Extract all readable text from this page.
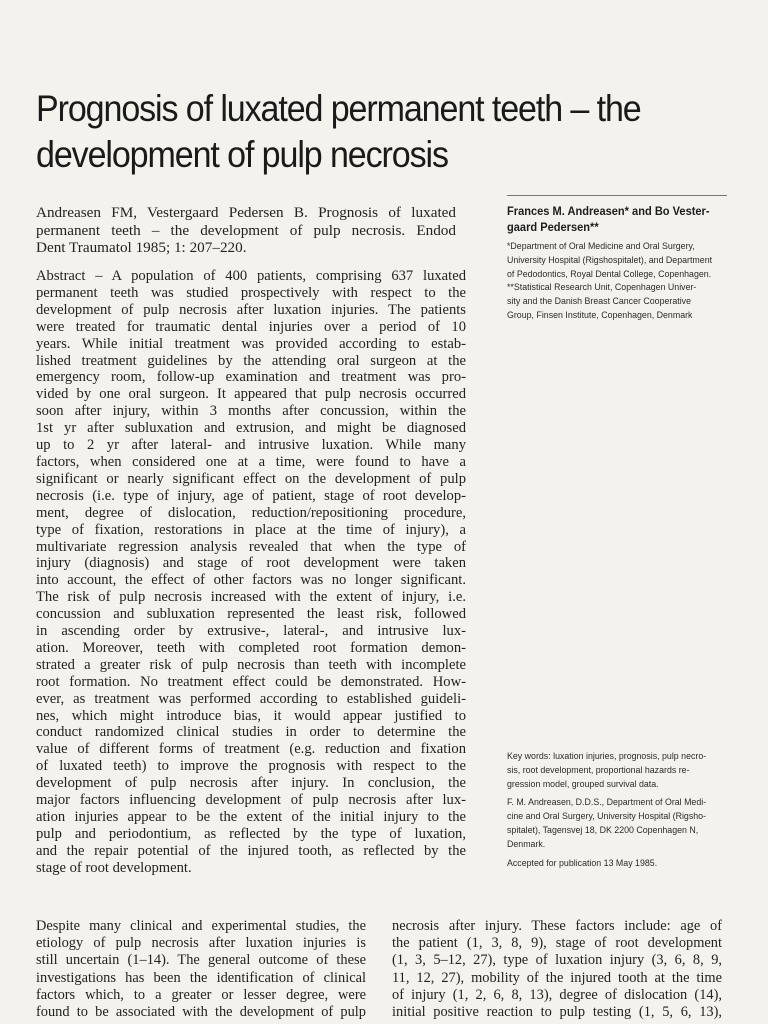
Prognosis of luxated permanent teeth – the
development of pulp necrosis
Andreasen FM, Vestergaard Pedersen B. Prognosis of luxated
permanent teeth – the development of pulp necrosis. Endod
Dent Traumatol 1985; 1: 207–220.
Abstract – A population of 400 patients, comprising 637 luxated
permanent teeth was studied prospectively with respect to the
development of pulp necrosis after luxation injuries. The patients
were treated for traumatic dental injuries over a period of 10
years. While initial treatment was provided according to estab-
lished treatment guidelines by the attending oral surgeon at the
emergency room, follow-up examination and treatment was pro-
vided by one oral surgeon. It appeared that pulp necrosis occurred
soon after injury, within 3 months after concussion, within the
1st yr after subluxation and extrusion, and might be diagnosed
up to 2 yr after lateral- and intrusive luxation. While many
factors, when considered one at a time, were found to have a
significant or nearly significant effect on the development of pulp
necrosis (i.e. type of injury, age of patient, stage of root develop-
ment, degree of dislocation, reduction/repositioning procedure,
type of fixation, restorations in place at the time of injury), a
multivariate regression analysis revealed that when the type of
injury (diagnosis) and stage of root development were taken
into account, the effect of other factors was no longer significant.
The risk of pulp necrosis increased with the extent of injury, i.e.
concussion and subluxation represented the least risk, followed
in ascending order by extrusive-, lateral-, and intrusive lux-
ation. Moreover, teeth with completed root formation demon-
strated a greater risk of pulp necrosis than teeth with incomplete
root formation. No treatment effect could be demonstrated. How-
ever, as treatment was performed according to established guideli-
nes, which might introduce bias, it would appear justified to
conduct randomized clinical studies in order to determine the
value of different forms of treatment (e.g. reduction and fixation
of luxated teeth) to improve the prognosis with respect to the
development of pulp necrosis after injury. In conclusion, the
major factors influencing development of pulp necrosis after lux-
ation injuries appear to be the extent of the initial injury to the
pulp and periodontium, as reflected by the type of luxation,
and the repair potential of the injured tooth, as reflected by the
stage of root development.
Frances M. Andreasen* and Bo Vester-
gaard Pedersen**
*Department of Oral Medicine and Oral Surgery,
University Hospital (Rigshospitalet), and Department
of Pedodontics, Royal Dental College, Copenhagen.
**Statistical Research Unit, Copenhagen Univer-
sity and the Danish Breast Cancer Cooperative
Group, Finsen Institute, Copenhagen, Denmark

Key words: luxation injuries, prognosis, pulp necro-
sis, root development, proportional hazards re-
gression model, grouped survival data.

F. M. Andreasen, D.D.S., Department of Oral Medi-
cine and Oral Surgery, University Hospital (Rigsho-
spitalet), Tagensvej 18, DK 2200 Copenhagen N,
Denmark.

Accepted for publication 13 May 1985.

Despite many clinical and experimental studies, the
etiology of pulp necrosis after luxation injuries is
still uncertain (1–14). The general outcome of these
investigations has been the identification of clinical
factors which, to a greater or lesser degree, were
found to be associated with the development of pulp
necrosis after injury. These factors include: age of
the patient (1, 3, 8, 9), stage of root development
(1, 3, 5–12, 27), type of luxation injury (3, 6, 8, 9,
11, 12, 27), mobility of the injured tooth at the time
of injury (1, 2, 6, 8, 13), degree of dislocation (14),
initial positive reaction to pulp testing (1, 5, 6, 13),
